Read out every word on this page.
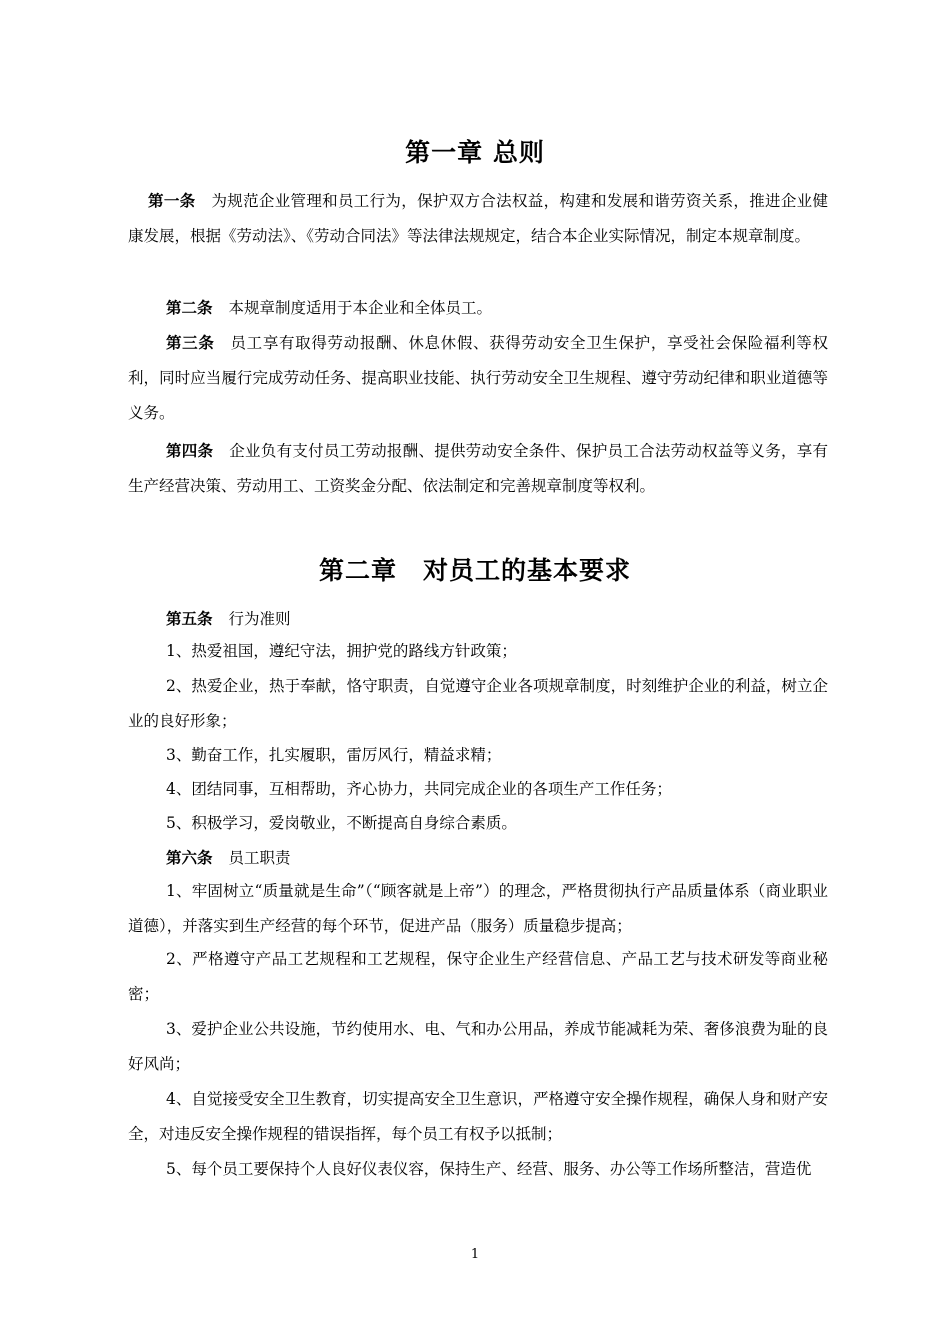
第一章 总则
第一条 为规范企业管理和员工行为，保护双方合法权益，构建和发展和谐劳资关系，推进企业健康发展，根据《劳动法》、《劳动合同法》等法律法规规定，结合本企业实际情况，制定本规章制度。
第二条 本规章制度适用于本企业和全体员工。
第三条 员工享有取得劳动报酬、休息休假、获得劳动安全卫生保护，享受社会保险福利等权利，同时应当履行完成劳动任务、提高职业技能、执行劳动安全卫生规程、遵守劳动纪律和职业道德等义务。
第四条 企业负有支付员工劳动报酬、提供劳动安全条件、保护员工合法劳动权益等义务，享有生产经营决策、劳动用工、工资奖金分配、依法制定和完善规章制度等权利。
第二章　对员工的基本要求
第五条 行为准则
1、热爱祖国，遵纪守法，拥护党的路线方针政策；
2、热爱企业，热于奉献，恪守职责，自觉遵守企业各项规章制度，时刻维护企业的利益，树立企业的良好形象；
3、勤奋工作，扎实履职，雷厉风行，精益求精；
4、团结同事，互相帮助，齐心协力，共同完成企业的各项生产工作任务；
5、积极学习，爱岗敬业，不断提高自身综合素质。
第六条 员工职责
1、牢固树立“质量就是生命”（“顾客就是上帝”）的理念，严格贯彻执行产品质量体系（商业职业道德），并落实到生产经营的每个环节，促进产品（服务）质量稳步提高；
2、严格遵守产品工艺规程和工艺规程，保守企业生产经营信息、产品工艺与技术研发等商业秘密；
3、爱护企业公共设施，节约使用水、电、气和办公用品，养成节能减耗为荣、奢侈浪费为耻的良好风尚；
4、自觉接受安全卫生教育，切实提高安全卫生意识，严格遵守安全操作规程，确保人身和财产安全，对违反安全操作规程的错误指挥，每个员工有权予以抵制；
5、每个员工要保持个人良好仪表仪容，保持生产、经营、服务、办公等工作场所整洁，营造优
1
